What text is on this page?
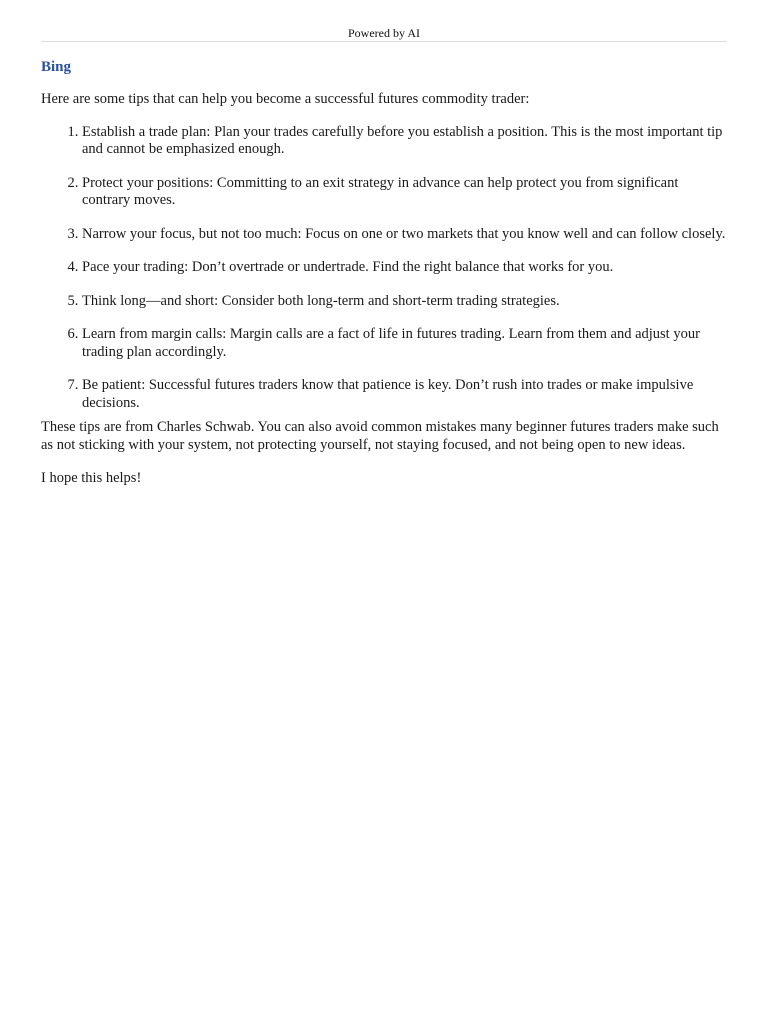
Powered by AI
Bing

Here are some tips that can help you become a successful futures commodity trader:

1. Establish a trade plan: Plan your trades carefully before you establish a position. This is the most important tip and cannot be emphasized enough.
2. Protect your positions: Committing to an exit strategy in advance can help protect you from significant contrary moves.
3. Narrow your focus, but not too much: Focus on one or two markets that you know well and can follow closely.
4. Pace your trading: Don’t overtrade or undertrade. Find the right balance that works for you.
5. Think long—and short: Consider both long-term and short-term trading strategies.
6. Learn from margin calls: Margin calls are a fact of life in futures trading. Learn from them and adjust your trading plan accordingly.
7. Be patient: Successful futures traders know that patience is key. Don’t rush into trades or make impulsive decisions.

These tips are from Charles Schwab. You can also avoid common mistakes many beginner futures traders make such as not sticking with your system, not protecting yourself, not staying focused, and not being open to new ideas.

I hope this helps!
